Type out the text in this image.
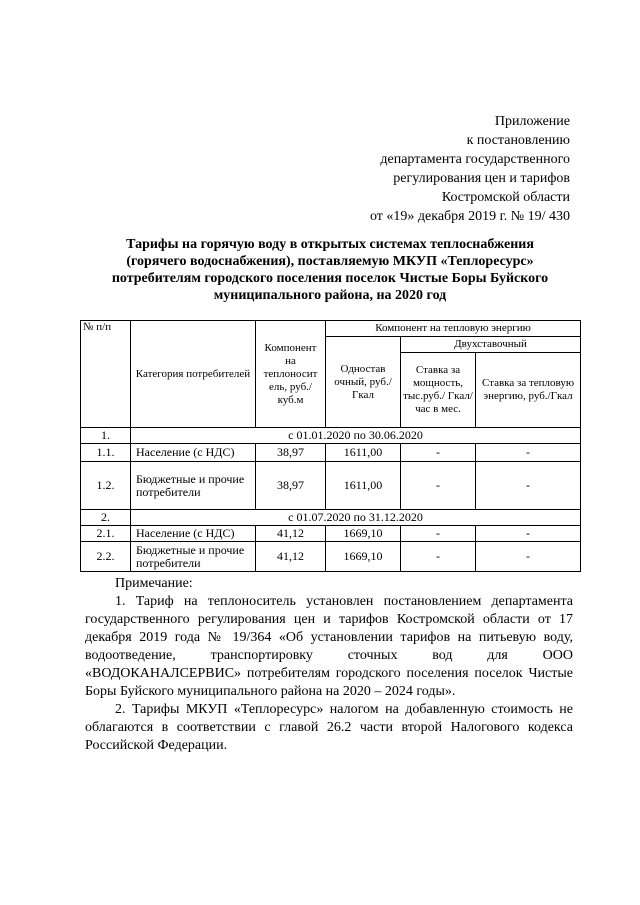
Приложение
к постановлению
департамента государственного
регулирования цен и тарифов
Костромской области
от «19» декабря 2019 г. № 19/ 430
Тарифы на горячую воду в открытых системах теплоснабжения
(горячего водоснабжения), поставляемую МКУП «Теплоресурс»
потребителям городского поселения поселок Чистые Боры Буйского
муниципального района, на 2020 год
№ п/п	Категория потребителей	Компонент на теплоносит ель, руб./куб.м	Компонент на тепловую энергию		
			Одностав очный, руб./Гкал	Двухставочный	
				Ставка за мощность, тыс.руб./ Гкал/час в мес.	Ставка за тепловую энергию, руб./Гкал
1.	с 01.01.2020 по 30.06.2020				
1.1.	Население (с НДС)	38,97	1611,00	-	-
1.2.	Бюджетные и прочие потребители	38,97	1611,00	-	-
2.	с 01.07.2020 по 31.12.2020				
2.1.	Население (с НДС)	41,12	1669,10	-	-
2.2.	Бюджетные и прочие потребители	41,12	1669,10	-	-
Примечание:

1. Тариф на теплоноситель установлен постановлением департамента государственного регулирования цен и тарифов Костромской области от 17 декабря 2019 года № 19/364 «Об установлении тарифов на питьевую воду, водоотведение, транспортировку сточных вод для ООО «ВОДОКАНАЛСЕРВИС» потребителям городского поселения поселок Чистые Боры Буйского муниципального района на 2020 – 2024 годы».

2. Тарифы МКУП «Теплоресурс» налогом на добавленную стоимость не облагаются в соответствии с главой 26.2 части второй Налогового кодекса Российской Федерации.
